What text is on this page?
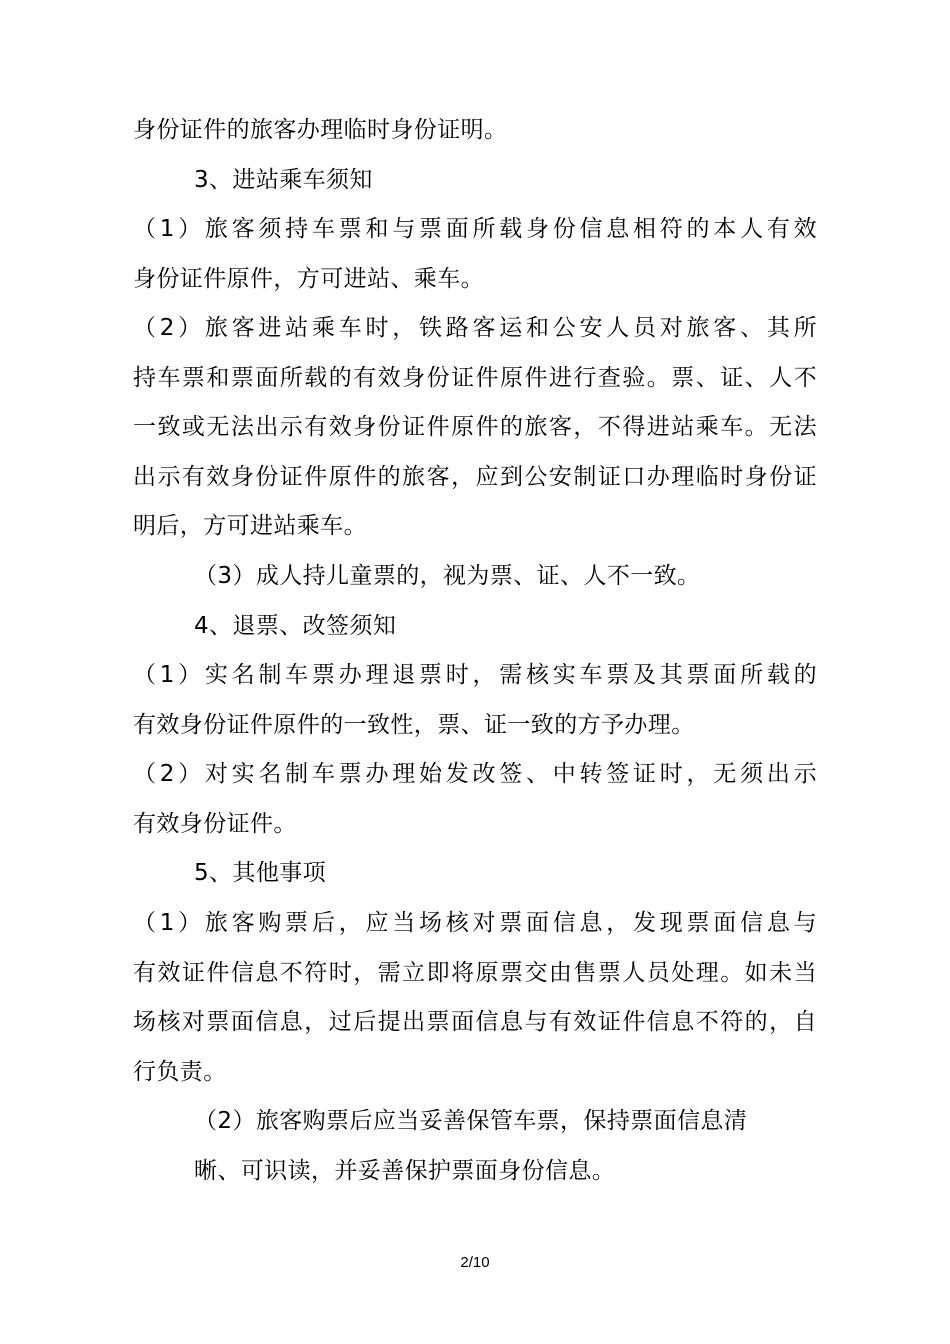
身份证件的旅客办理临时身份证明。
3、进站乘车须知
（1）旅客须持车票和与票面所载身份信息相符的本人有效
身份证件原件，方可进站、乘车。
（2）旅客进站乘车时，铁路客运和公安人员对旅客、其所
持车票和票面所载的有效身份证件原件进行查验。票、证、人不
一致或无法出示有效身份证件原件的旅客，不得进站乘车。无法
出示有效身份证件原件的旅客，应到公安制证口办理临时身份证
明后，方可进站乘车。
（3）成人持儿童票的，视为票、证、人不一致。
4、退票、改签须知
（1）实名制车票办理退票时，需核实车票及其票面所载的
有效身份证件原件的一致性，票、证一致的方予办理。
（2）对实名制车票办理始发改签、中转签证时，无须出示
有效身份证件。
5、其他事项
（1）旅客购票后，应当场核对票面信息，发现票面信息与
有效证件信息不符时，需立即将原票交由售票人员处理。如未当
场核对票面信息，过后提出票面信息与有效证件信息不符的，自
行负责。
（2）旅客购票后应当妥善保管车票，保持票面信息清
晰、可识读，并妥善保护票面身份信息。
2/10
